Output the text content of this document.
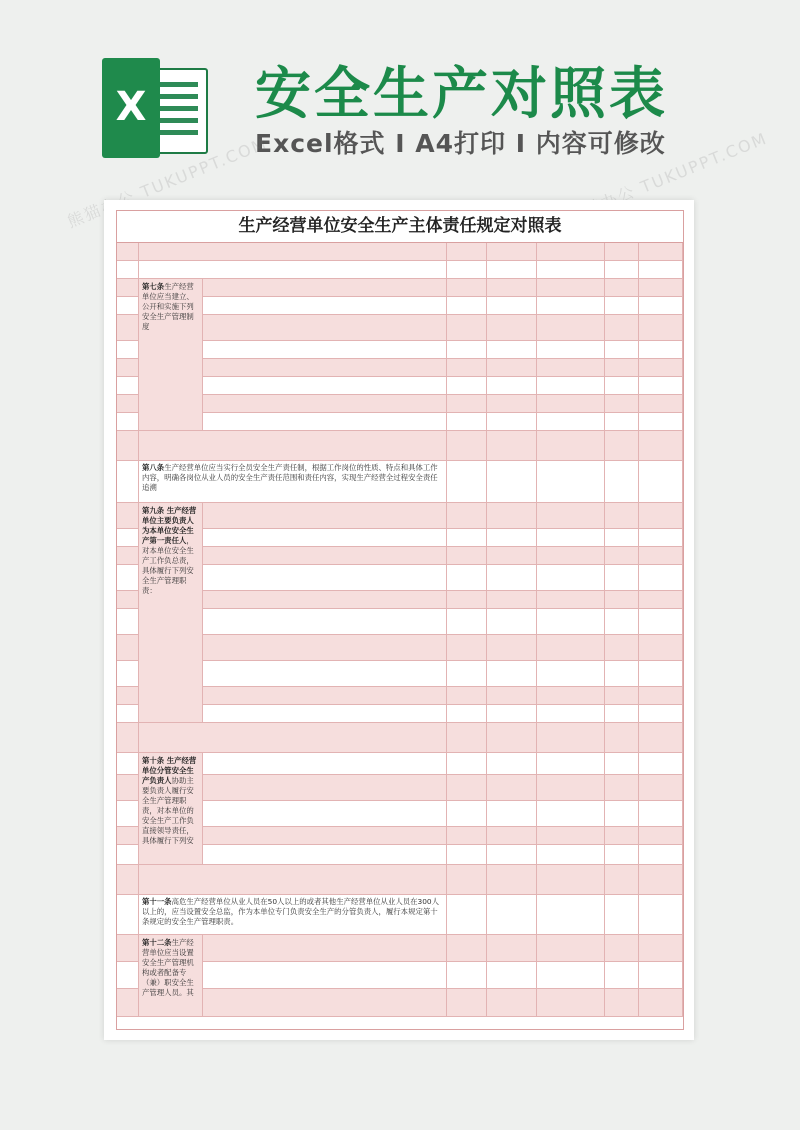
X 安全生产对照表
Excel格式 I A4打印 I 内容可修改
熊猫办公 TUKUPPT.COM	熊猫办公 TUKUPPT.COM
生产经营单位安全生产主体责任规定对照表
第七条生产经营单位应当建立、公开和实施下列安全生产管理制度
第八条生产经营单位应当实行全员安全生产责任制，根据工作岗位的性质、特点和具体工作内容，明确各岗位从业人员的安全生产责任范围和责任内容，实现生产经营全过程安全责任追溯
第九条 生产经营单位主要负责人为本单位安全生产第一责任人，对本单位安全生产工作负总责，具体履行下列安全生产管理职责：
第十条 生产经营单位分管安全生产负责人协助主要负责人履行安全生产管理职责，对本单位的安全生产工作负直接领导责任，具体履行下列安
第十一条高危生产经营单位从业人员在50人以上的或者其他生产经营单位从业人员在300人以上的，应当设置安全总监，作为本单位专门负责安全生产的分管负责人，履行本规定第十条规定的安全生产管理职责。
第十二条生产经营单位应当设置安全生产管理机构或者配备专（兼）职安全生产管理人员。其
